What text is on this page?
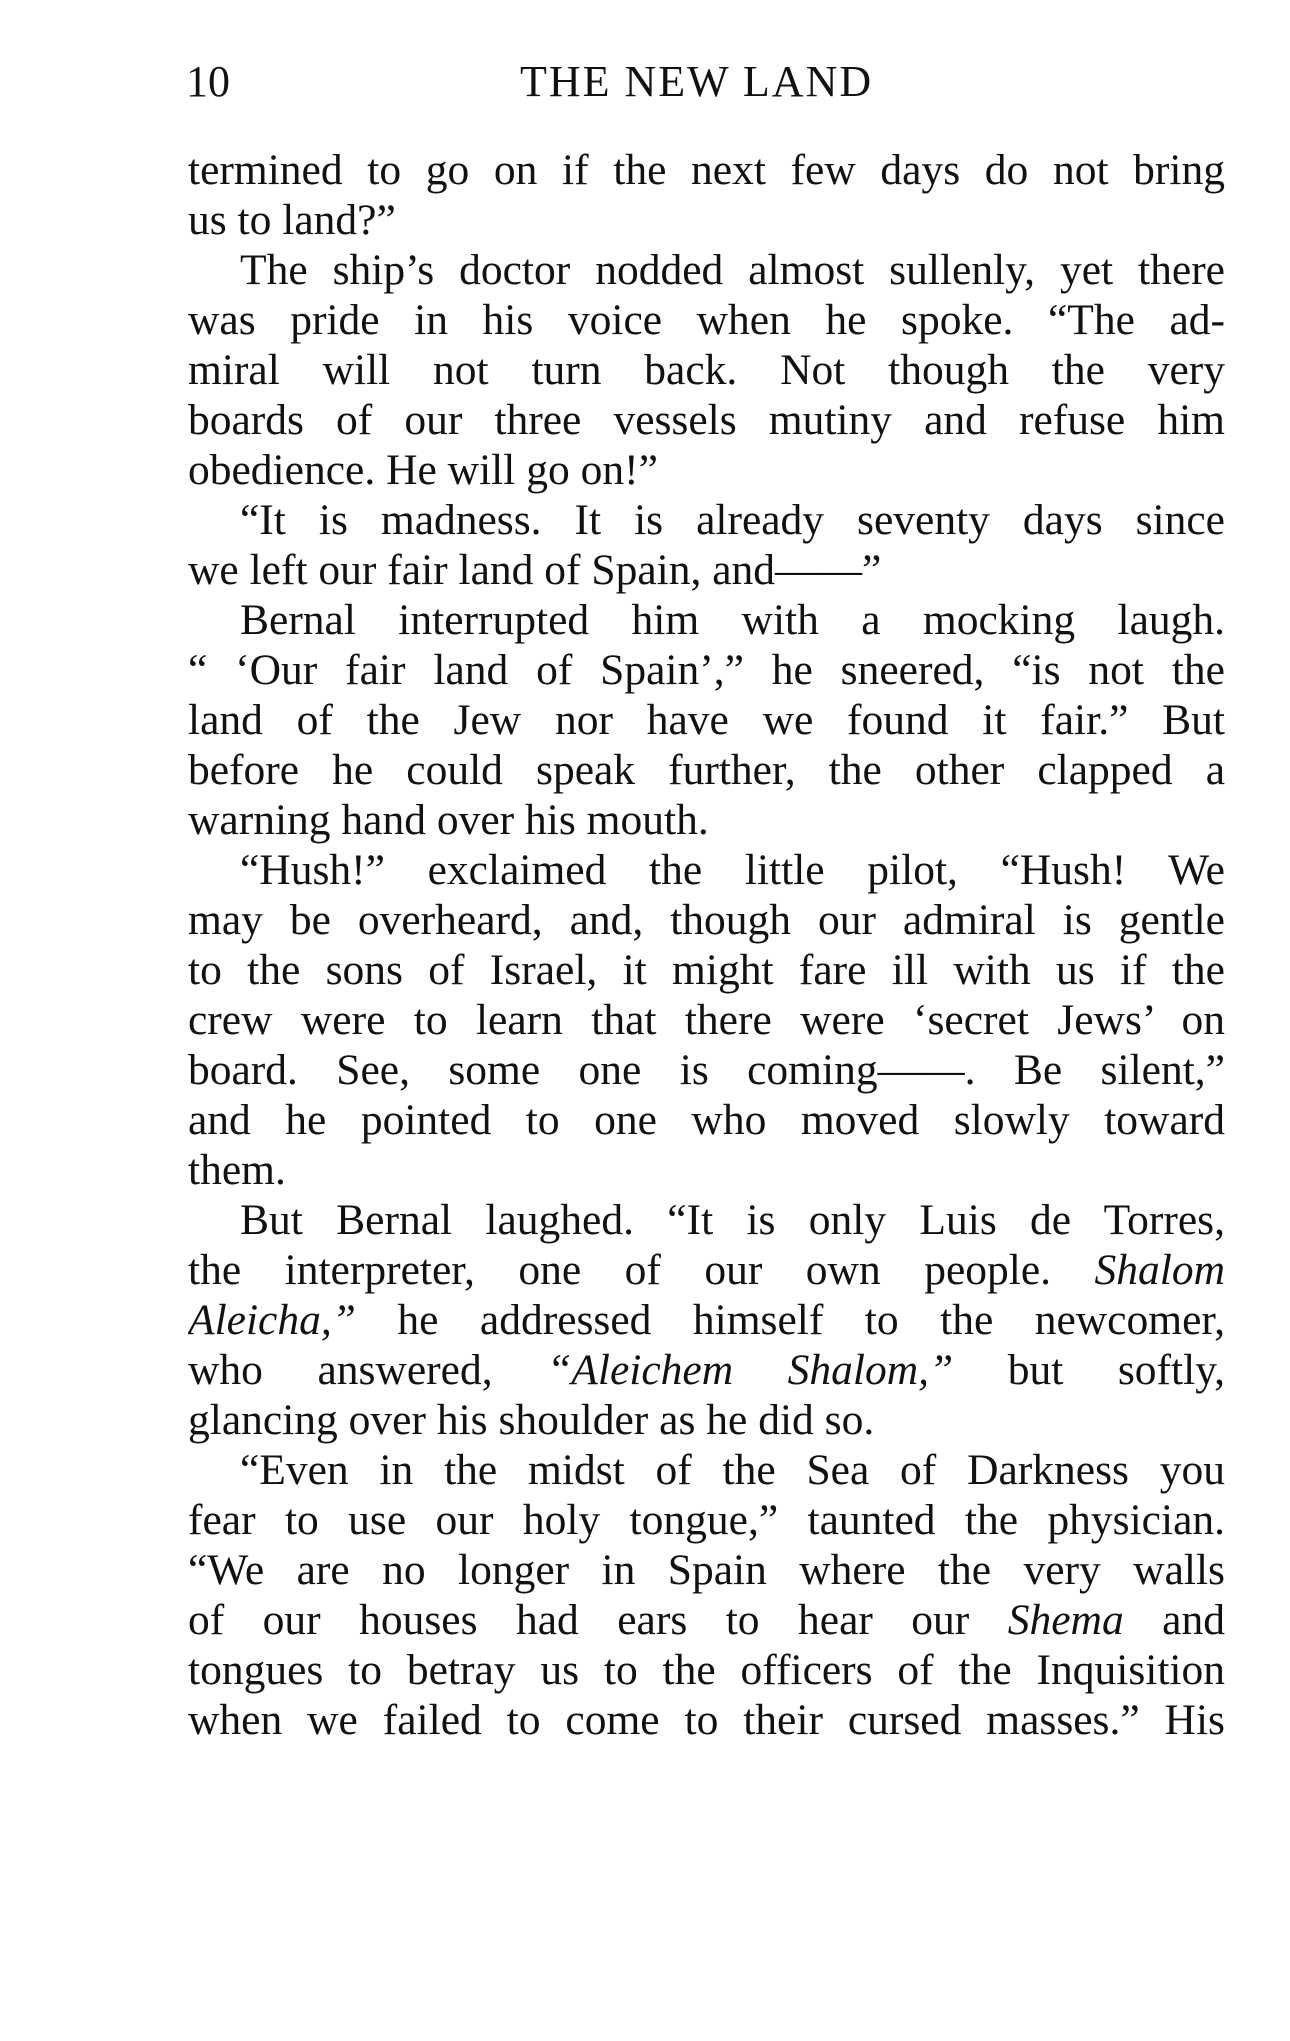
10	THE NEW LAND
termined to go on if the next few days do not bring
us to land?”
The ship’s doctor nodded almost sullenly, yet there
was pride in his voice when he spoke. “The ad-
miral will not turn back. Not though the very
boards of our three vessels mutiny and refuse him
obedience. He will go on!”
“It is madness. It is already seventy days since
we left our fair land of Spain, and——”
Bernal interrupted him with a mocking laugh.
“ ‘Our fair land of Spain’,” he sneered, “is not the
land of the Jew nor have we found it fair.” But
before he could speak further, the other clapped a
warning hand over his mouth.
“Hush!” exclaimed the little pilot, “Hush! We
may be overheard, and, though our admiral is gentle
to the sons of Israel, it might fare ill with us if the
crew were to learn that there were ‘secret Jews’ on
board. See, some one is coming——. Be silent,”
and he pointed to one who moved slowly toward
them.
But Bernal laughed. “It is only Luis de Torres,
the interpreter, one of our own people. Shalom
Aleicha,” he addressed himself to the newcomer,
who answered, “Aleichem Shalom,” but softly,
glancing over his shoulder as he did so.
“Even in the midst of the Sea of Darkness you
fear to use our holy tongue,” taunted the physician.
“We are no longer in Spain where the very walls
of our houses had ears to hear our Shema and
tongues to betray us to the officers of the Inquisition
when we failed to come to their cursed masses.” His
